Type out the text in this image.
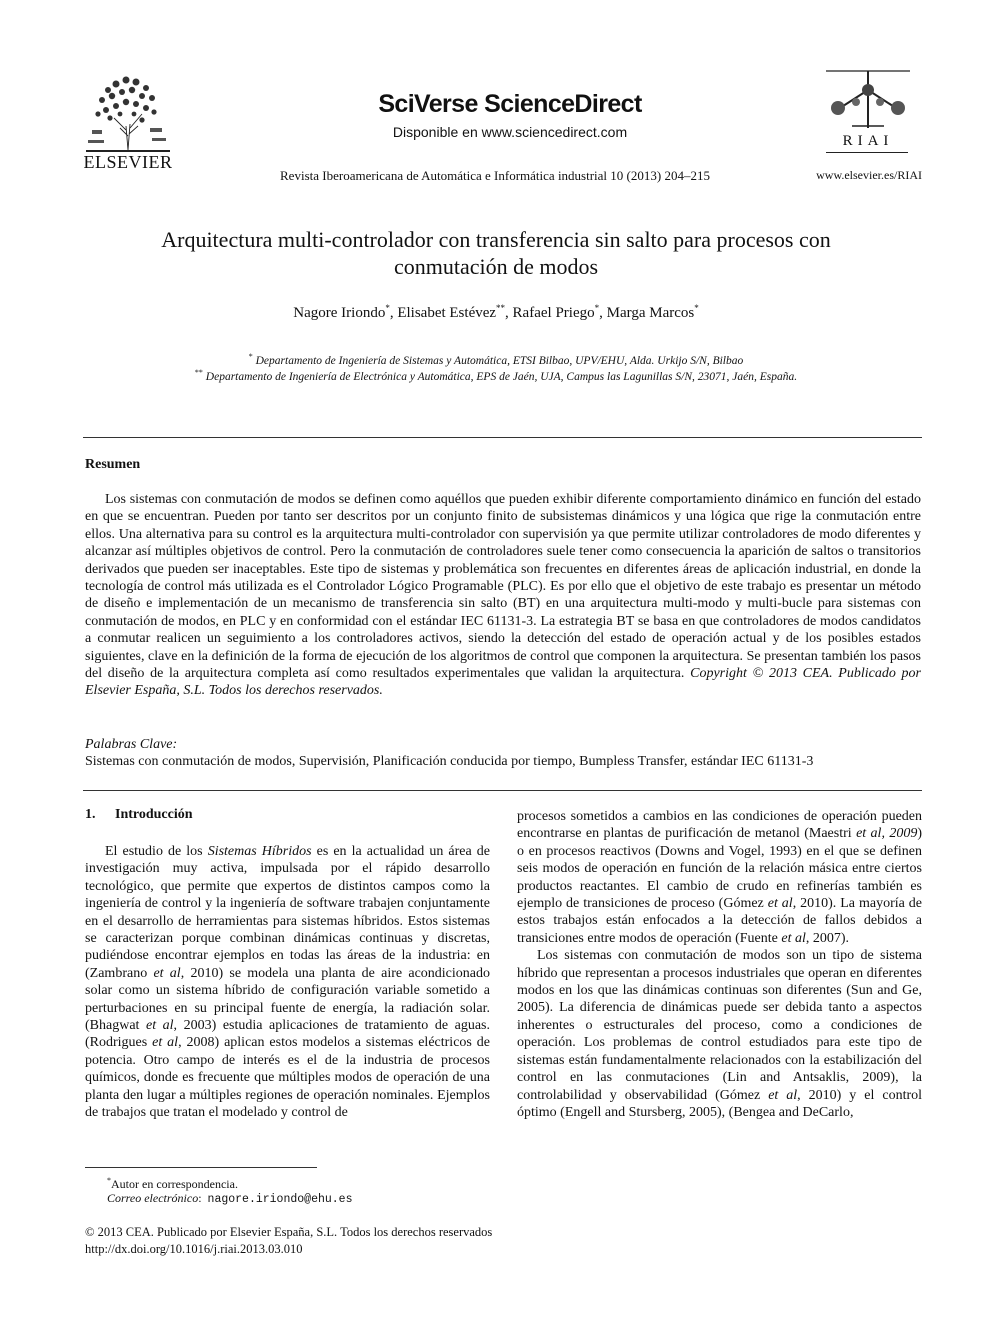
ELSEVIER
SciVerse ScienceDirect
Disponible en www.sciencedirect.com
RIAI
Revista Iberoamericana de Automática e Informática industrial 10 (2013) 204–215	www.elsevier.es/RIAI
Arquitectura multi-controlador con transferencia sin salto para procesos con
conmutación de modos
Nagore Iriondo*, Elisabet Estévez**, Rafael Priego*, Marga Marcos*
* Departamento de Ingeniería de Sistemas y Automática, ETSI Bilbao, UPV/EHU, Alda. Urkijo S/N, Bilbao
** Departamento de Ingeniería de Electrónica y Automática, EPS de Jaén, UJA, Campus las Lagunillas S/N, 23071, Jaén, España.
Resumen

Los sistemas con conmutación de modos se definen como aquéllos que pueden exhibir diferente comportamiento dinámico en función del estado en que se encuentran. Pueden por tanto ser descritos por un conjunto finito de subsistemas dinámicos y una lógica que rige la conmutación entre ellos. Una alternativa para su control es la arquitectura multi-controlador con supervisión ya que permite utilizar controladores de modo diferentes y alcanzar así múltiples objetivos de control. Pero la conmutación de controladores suele tener como consecuencia la aparición de saltos o transitorios derivados que pueden ser inaceptables. Este tipo de sistemas y problemática son frecuentes en diferentes áreas de aplicación industrial, en donde la tecnología de control más utilizada es el Controlador Lógico Programable (PLC). Es por ello que el objetivo de este trabajo es presentar un método de diseño e implementación de un mecanismo de transferencia sin salto (BT) en una arquitectura multi-modo y multi-bucle para sistemas con conmutación de modos, en PLC y en conformidad con el estándar IEC 61131-3. La estrategia BT se basa en que controladores de modos candidatos a conmutar realicen un seguimiento a los controladores activos, siendo la detección del estado de operación actual y de los posibles estados siguientes, clave en la definición de la forma de ejecución de los algoritmos de control que componen la arquitectura. Se presentan también los pasos del diseño de la arquitectura completa así como resultados experimentales que validan la arquitectura. Copyright © 2013 CEA. Publicado por Elsevier España, S.L. Todos los derechos reservados.

Palabras Clave:
Sistemas con conmutación de modos, Supervisión, Planificación conducida por tiempo, Bumpless Transfer, estándar IEC 61131-3
1. Introducción

El estudio de los Sistemas Híbridos es en la actualidad un área de investigación muy activa, impulsada por el rápido desarrollo tecnológico, que permite que expertos de distintos campos como la ingeniería de control y la ingeniería de software trabajen conjuntamente en el desarrollo de herramientas para sistemas híbridos. Estos sistemas se caracterizan porque combinan dinámicas continuas y discretas, pudiéndose encontrar ejemplos en todas las áreas de la industria: en (Zambrano et al, 2010) se modela una planta de aire acondicionado solar como un sistema híbrido de configuración variable sometido a perturbaciones en su principal fuente de energía, la radiación solar. (Bhagwat et al, 2003) estudia aplicaciones de tratamiento de aguas. (Rodrigues et al, 2008) aplican estos modelos a sistemas eléctricos de potencia. Otro campo de interés es el de la industria de procesos químicos, donde es frecuente que múltiples modos de operación de una planta den lugar a múltiples regiones de operación nominales. Ejemplos de trabajos que tratan el modelado y control de

procesos sometidos a cambios en las condiciones de operación pueden encontrarse en plantas de purificación de metanol (Maestri et al, 2009) o en procesos reactivos (Downs and Vogel, 1993) en el que se definen seis modos de operación en función de la relación másica entre ciertos productos reactantes. El cambio de crudo en refinerías también es ejemplo de transiciones de proceso (Gómez et al, 2010). La mayoría de estos trabajos están enfocados a la detección de fallos debidos a transiciones entre modos de operación (Fuente et al, 2007).

Los sistemas con conmutación de modos son un tipo de sistema híbrido que representan a procesos industriales que operan en diferentes modos en los que las dinámicas continuas son diferentes (Sun and Ge, 2005). La diferencia de dinámicas puede ser debida tanto a aspectos inherentes o estructurales del proceso, como a condiciones de operación. Los problemas de control estudiados para este tipo de sistemas están fundamentalmente relacionados con la estabilización del control en las conmutaciones (Lin and Antsaklis, 2009), la controlabilidad y observabilidad (Gómez et al, 2010) y el control óptimo (Engell and Stursberg, 2005), (Bengea and DeCarlo,

*Autor en correspondencia.
Correo electrónico:  nagore.iriondo@ehu.es
© 2013 CEA. Publicado por Elsevier España, S.L. Todos los derechos reservados
http://dx.doi.org/10.1016/j.riai.2013.03.010
